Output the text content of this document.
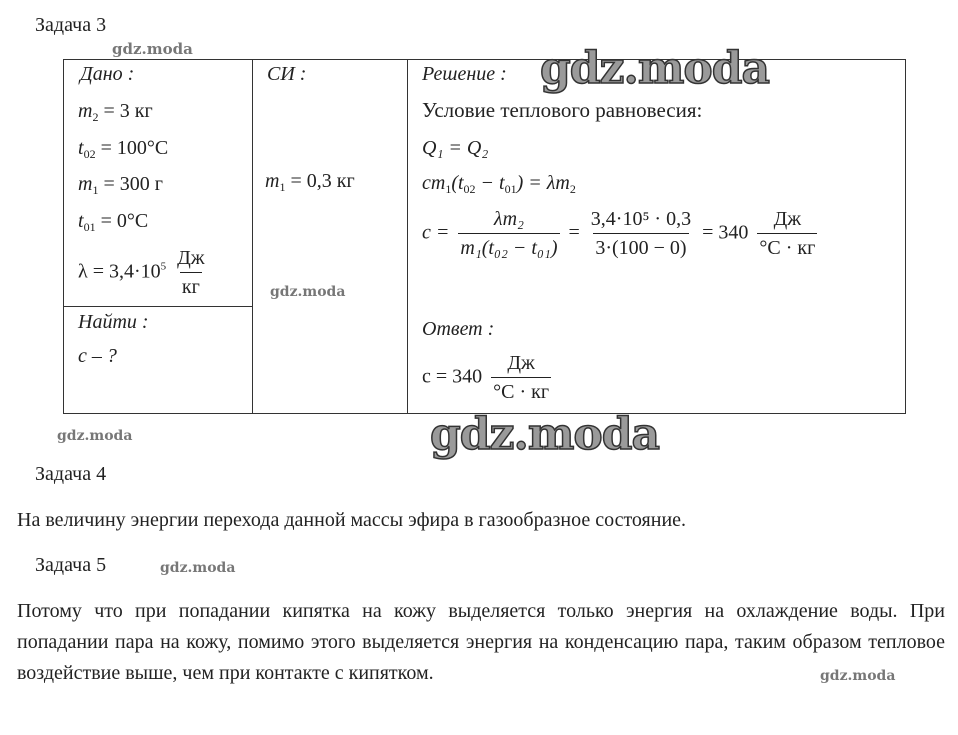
Задача 3
Дано :
$m_2 = 3$ кг
$t_{02} = 100^\circ C$
$m_1 = 300$ г
$t_{01} = 0^\circ C$
$\lambda = 3,4\cdot 10^5 \frac{Дж}{кг}$
Найти :
c – ?
СИ :
$m_1 = 0,3$ кг
Решение :
Условие теплового равновесия:
Q₁ = Q₂
$cm_1(t_{02} - t_{01}) = \lambda m_2$
$c = \frac{\text{λm₂}}{\text{m₁(t₀₂ − t₀₁)}} = \frac{\text{3,4·10⁵ · 0,3}}{3\cdot(100 - 0)} = 340 \frac{Дж}{^\circ C \cdot кг}$
Ответ :
$c = 340 \frac{Дж}{^\circ C \cdot кг}$
Задача 4
На величину энергии перехода данной массы эфира в газообразное состояние.
Задача 5
Потому что при попадании кипятка на кожу выделяется только энергия на охлаждение воды. При попадании пара на кожу, помимо этого выделяется энергия на конденсацию пара, таким образом тепловое воздействие выше, чем при контакте с кипятком.
gdz.moda
gdz.moda
gdz.moda
gdz.moda
gdz.moda
gdz.moda
gdz.moda
